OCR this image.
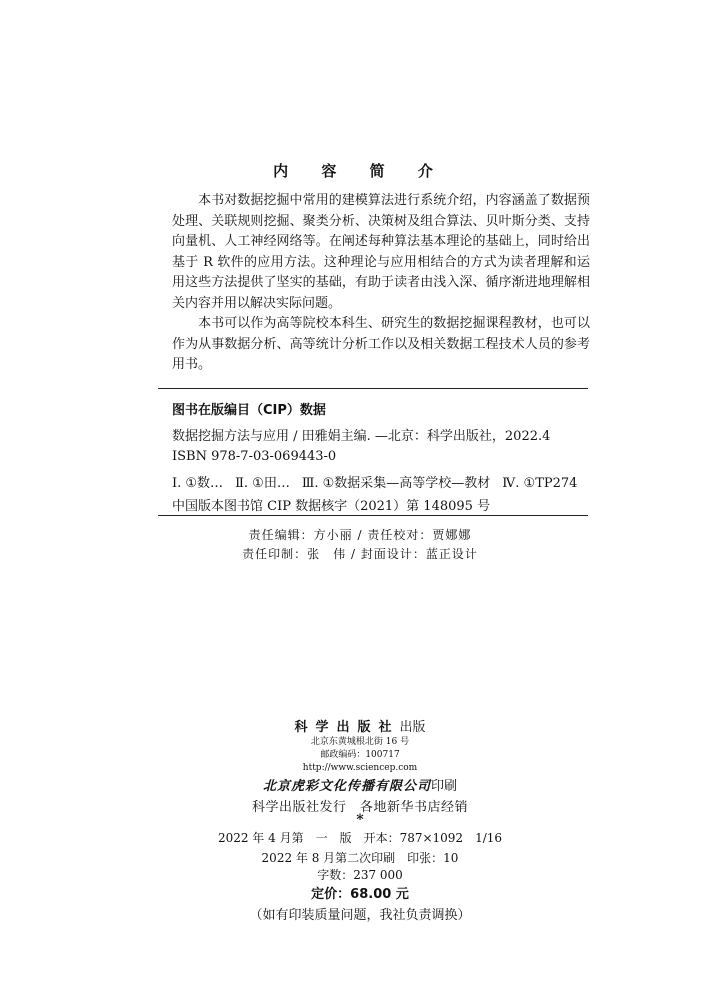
内 容 简 介

本书对数据挖掘中常用的建模算法进行系统介绍，内容涵盖了数据预处理、关联规则挖掘、聚类分析、决策树及组合算法、贝叶斯分类、支持向量机、人工神经网络等。在阐述每种算法基本理论的基础上，同时给出基于 R 软件的应用方法。这种理论与应用相结合的方式为读者理解和运用这些方法提供了坚实的基础，有助于读者由浅入深、循序渐进地理解相关内容并用以解决实际问题。

本书可以作为高等院校本科生、研究生的数据挖掘课程教材，也可以作为从事数据分析、高等统计分析工作以及相关数据工程技术人员的参考用书。

图书在版编目（CIP）数据
数据挖掘方法与应用 / 田雅娟主编. —北京：科学出版社，2022.4
ISBN 978-7-03-069443-0
Ⅰ. ①数… Ⅱ. ①田… Ⅲ. ①数据采集—高等学校—教材 Ⅳ. ①TP274
中国版本图书馆 CIP 数据核字（2021）第 148095 号
责任编辑：方小丽 / 责任校对：贾娜娜
责任印制：张　伟 / 封面设计：蓝正设计
科学出版社出版
北京东黄城根北街 16 号
邮政编码：100717
http://www.sciencep.com
北京虎彩文化传播有限公司印刷
科学出版社发行　各地新华书店经销
*
2022 年 4 月第　一　版　开本：787×1092　1/16
2022 年 8 月第二次印刷　印张：10
字数：237 000
定价：68.00 元
（如有印装质量问题，我社负责调换）
